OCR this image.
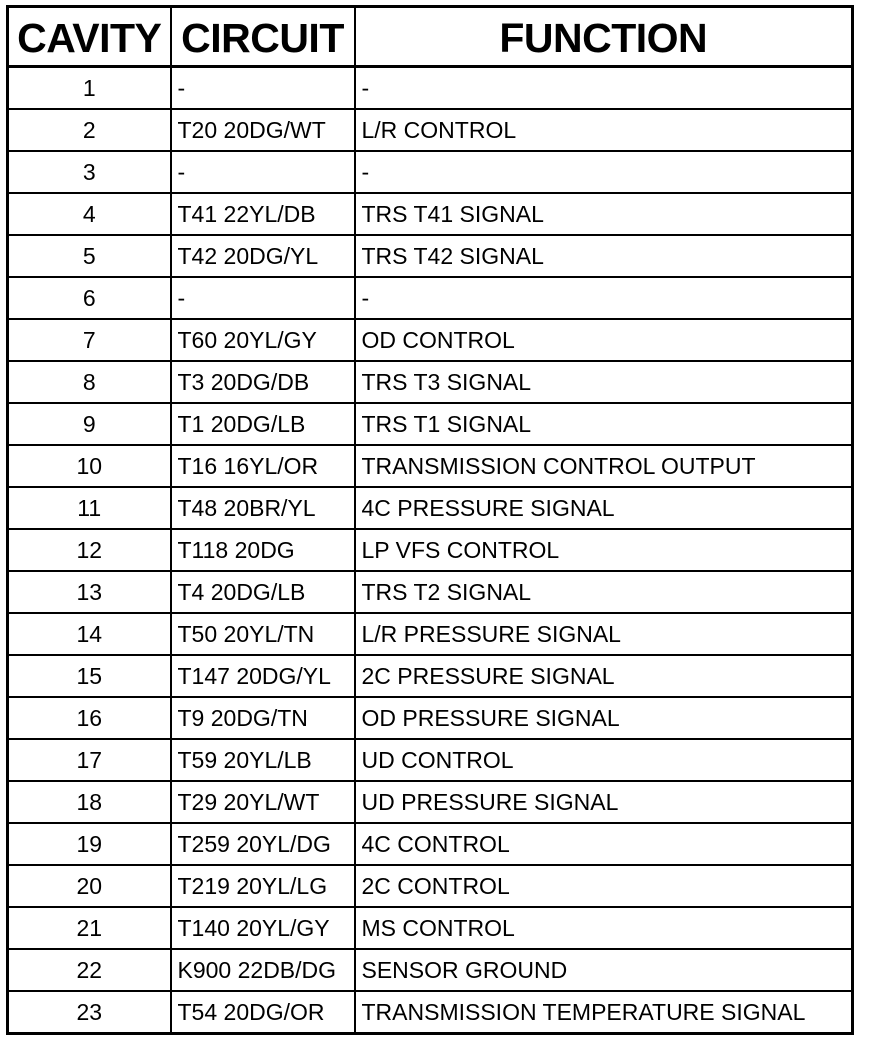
CAVITY	CIRCUIT	FUNCTION
1	-	-
2	T20 20DG/WT	L/R CONTROL
3	-	-
4	T41 22YL/DB	TRS T41 SIGNAL
5	T42 20DG/YL	TRS T42 SIGNAL
6	-	-
7	T60 20YL/GY	OD CONTROL
8	T3 20DG/DB	TRS T3 SIGNAL
9	T1 20DG/LB	TRS T1 SIGNAL
10	T16 16YL/OR	TRANSMISSION CONTROL OUTPUT
11	T48 20BR/YL	4C PRESSURE SIGNAL
12	T118 20DG	LP VFS CONTROL
13	T4 20DG/LB	TRS T2 SIGNAL
14	T50 20YL/TN	L/R PRESSURE SIGNAL
15	T147 20DG/YL	2C PRESSURE SIGNAL
16	T9 20DG/TN	OD PRESSURE SIGNAL
17	T59 20YL/LB	UD CONTROL
18	T29 20YL/WT	UD PRESSURE SIGNAL
19	T259 20YL/DG	4C CONTROL
20	T219 20YL/LG	2C CONTROL
21	T140 20YL/GY	MS CONTROL
22	K900 22DB/DG	SENSOR GROUND
23	T54 20DG/OR	TRANSMISSION TEMPERATURE SIGNAL
